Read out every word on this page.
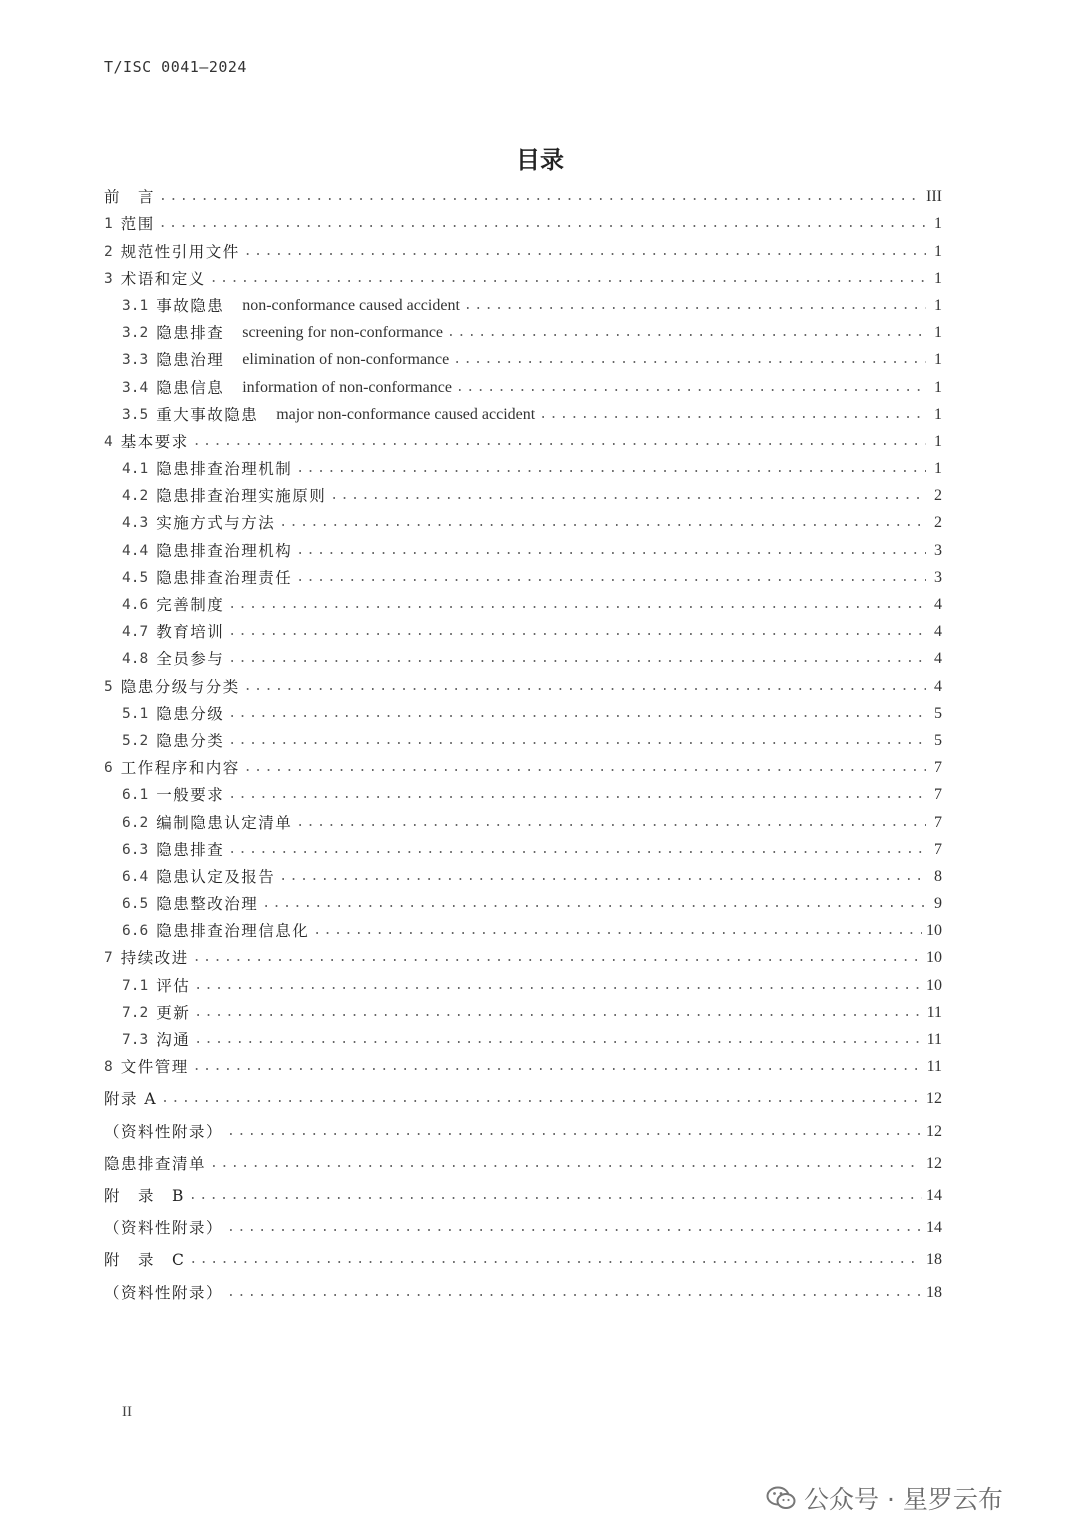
T/ISC 0041—2024
目录
前　言 .....	III
1 范围 .....	1
2 规范性引用文件 .....	1
3 术语和定义 .....	1
3.1 事故隐患 non-conformance caused accident .....	1
3.2 隐患排查 screening for non-conformance .....	1
3.3 隐患治理 elimination of non-conformance .....	1
3.4 隐患信息 information of non-conformance .....	1
3.5 重大事故隐患 major non-conformance caused accident .....	1
4 基本要求 .....	1
4.1 隐患排查治理机制 .....	1
4.2 隐患排查治理实施原则 .....	2
4.3 实施方式与方法 .....	2
4.4 隐患排查治理机构 .....	3
4.5 隐患排查治理责任 .....	3
4.6 完善制度 .....	4
4.7 教育培训 .....	4
4.8 全员参与 .....	4
5 隐患分级与分类 .....	4
5.1 隐患分级 .....	5
5.2 隐患分类 .....	5
6 工作程序和内容 .....	7
6.1 一般要求 .....	7
6.2 编制隐患认定清单 .....	7
6.3 隐患排查 .....	7
6.4 隐患认定及报告 .....	8
6.5 隐患整改治理 .....	9
6.6 隐患排查治理信息化 .....	10
7 持续改进 .....	10
7.1 评估 .....	10
7.2 更新 .....	11
7.3 沟通 .....	11
8 文件管理 .....	11
附录 A .....	12
（资料性附录） .....	12
隐患排查清单 .....	12
附　录　B .....	14
（资料性附录） .....	14
附　录　C .....	18
（资料性附录） .....	18
II
公众号 · 星罗云布
